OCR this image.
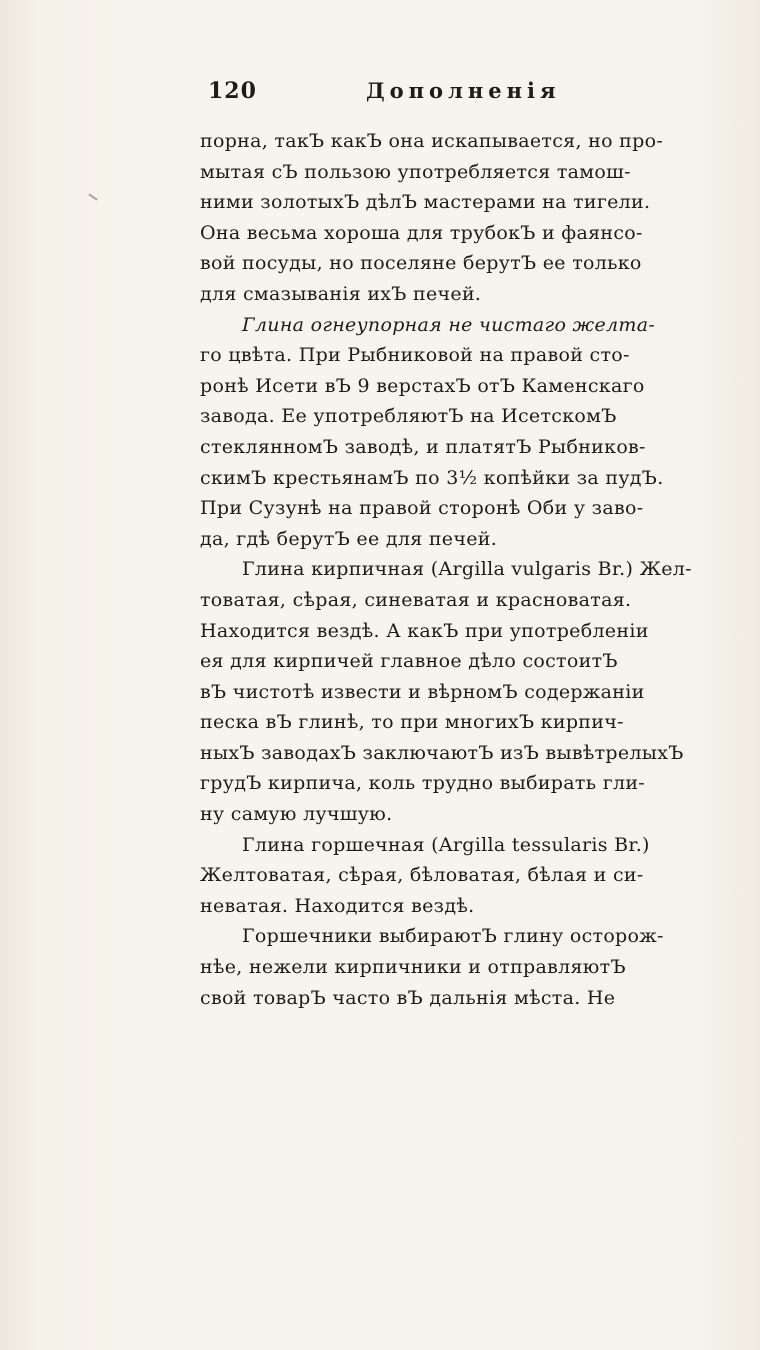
120	Дополненія
порна, такЪ какЪ она искапывается, но про-
мытая сЪ пользою употребляется тамош-
ними золотыхЪ дѣлЪ мастерами на тигели.
Она весьма хороша для трубокЪ и фаянсо-
вой посуды, но поселяне берутЪ ее только
для смазыванія ихЪ печей.
Глина огнеупорная не чистаго желта-
го цвѣта. При Рыбниковой на правой сто-
ронѣ Исети вЪ 9 верстахЪ отЪ Каменскаго
завода. Ее употребляютЪ на ИсетскомЪ
стеклянномЪ заводѣ, и платятЪ Рыбников-
скимЪ крестьянамЪ по 3½ копѣйки за пудЪ.
При Сузунѣ на правой сторонѣ Оби у заво-
да, гдѣ берутЪ ее для печей.
Глина кирпичная (Argilla vulgaris Br.) Жел-
товатая, сѣрая, синеватая и красноватая.
Находится вездѣ. А какЪ при употребленіи
ея для кирпичей главное дѣло состоитЪ
вЪ чистотѣ извести и вѣрномЪ содержаніи
песка вЪ глинѣ, то при многихЪ кирпич-
ныхЪ заводахЪ заключаютЪ изЪ вывѣтрелыхЪ
грудЪ кирпича, коль трудно выбирать гли-
ну самую лучшую.
Глина горшечная (Argilla tessularis Br.)
Желтоватая, сѣрая, бѣловатая, бѣлая и си-
неватая. Находится вездѣ.
Горшечники выбираютЪ глину осторож-
нѣе, нежели кирпичники и отправляютЪ
свой товарЪ часто вЪ дальнія мѣста. Не
